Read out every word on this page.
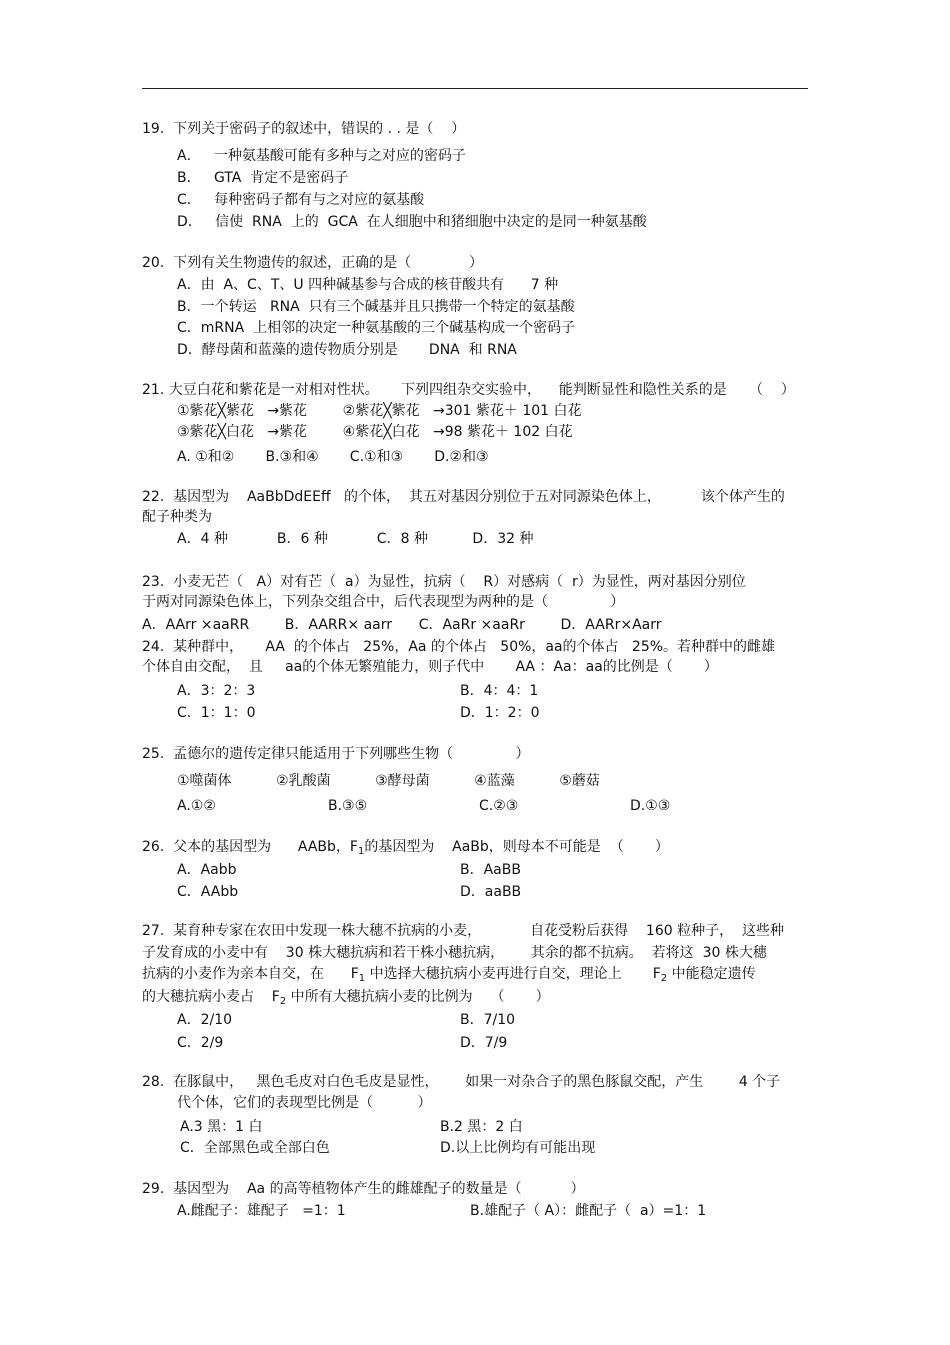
19.  下列关于密码子的叙述中，错误的 . . 是（    ）
A．   一种氨基酸可能有多种与之对应的密码子
B．   GTA  肯定不是密码子
C．   每种密码子都有与之对应的氨基酸
D．   信使  RNA  上的  GCA  在人细胞中和猪细胞中决定的是同一种氨基酸
20.  下列有关生物遗传的叙述，正确的是（             ）
A．由  A、C、T、U 四种碱基参与合成的核苷酸共有      7 种
B．一个转运   RNA  只有三个碱基并且只携带一个特定的氨基酸
C．mRNA  上相邻的决定一种氨基酸的三个碱基构成一个密码子
D．酵母菌和蓝藻的遗传物质分别是       DNA  和 RNA
21. 大豆白花和紫花是一对相对性状。     下列四组杂交实验中，    能判断显性和隐性关系的是     （    ）
①紫花╳紫花   →紫花        ②紫花╳紫花   →301 紫花＋ 101 白花
③紫花╳白花   →紫花        ④紫花╳白花   →98 紫花＋ 102 白花
A. ①和②       B.③和④       C.①和③       D.②和③
22.  基因型为    AaBbDdEEff   的个体，  其五对基因分别位于五对同源染色体上，         该个体产生的
配子种类为
A．4 种           B．6 种           C．8 种          D．32 种
23.  小麦无芒（   A）对有芒（  a）为显性，抗病（    R）对感病（  r）为显性，两对基因分别位
于两对同源染色体上，下列杂交组合中，后代表现型为两种的是（              ）
A．AArr ×aaRR        B．AARR× aarr      C．AaRr ×aaRr        D．AARr×Aarr
24.  某种群中，     AA  的个体占   25%，Aa 的个体占   50%，aa的个体占   25%。若种群中的雌雄
个体自由交配，  且     aa的个体无繁殖能力，则子代中       AA ：Aa：aa的比例是（       ）
A．3：2：3	B．4：4：1
C．1：1：0	D．1：2：0
25.  孟德尔的遗传定律只能适用于下列哪些生物（              ）
①噬菌体          ②乳酸菌          ③酵母菌          ④蓝藻          ⑤蘑菇
A.①②	B.③⑤	C.②③	D.①③
26.  父本的基因型为      AABb，$F_1$的基因型为    AaBb，则母本不可能是  （       ）
A．Aabb	B．AaBB
C．AAbb	D．aaBB
27.  某育种专家在农田中发现一株大穗不抗病的小麦，           自花受粉后获得    160 粒种子，  这些种
子发育成的小麦中有    30 株大穗抗病和若干株小穗抗病，      其余的都不抗病。  若将这  30 株大穗
抗病的小麦作为亲本自交，在      $F_1$ 中选择大穗抗病小麦再进行自交，理论上       $F_2$ 中能稳定遗传
的大穗抗病小麦占    $F_2$ 中所有大穗抗病小麦的比例为    （       ）
A．2/10	B．7/10
C．2/9	D．7/9
28.  在豚鼠中，   黑色毛皮对白色毛皮是显性，      如果一对杂合子的黑色豚鼠交配，产生        4 个子
代个体，它们的表现型比例是（          ）
A.3 黑：1 白	B.2 黑：2 白
C．全部黑色或全部白色	D.以上比例均有可能出现
29.  基因型为    Aa 的高等植物体产生的雌雄配子的数量是（           ）
A.雌配子：雄配子   =1：1	B.雄配子（ A）：雌配子（  a）=1：1
